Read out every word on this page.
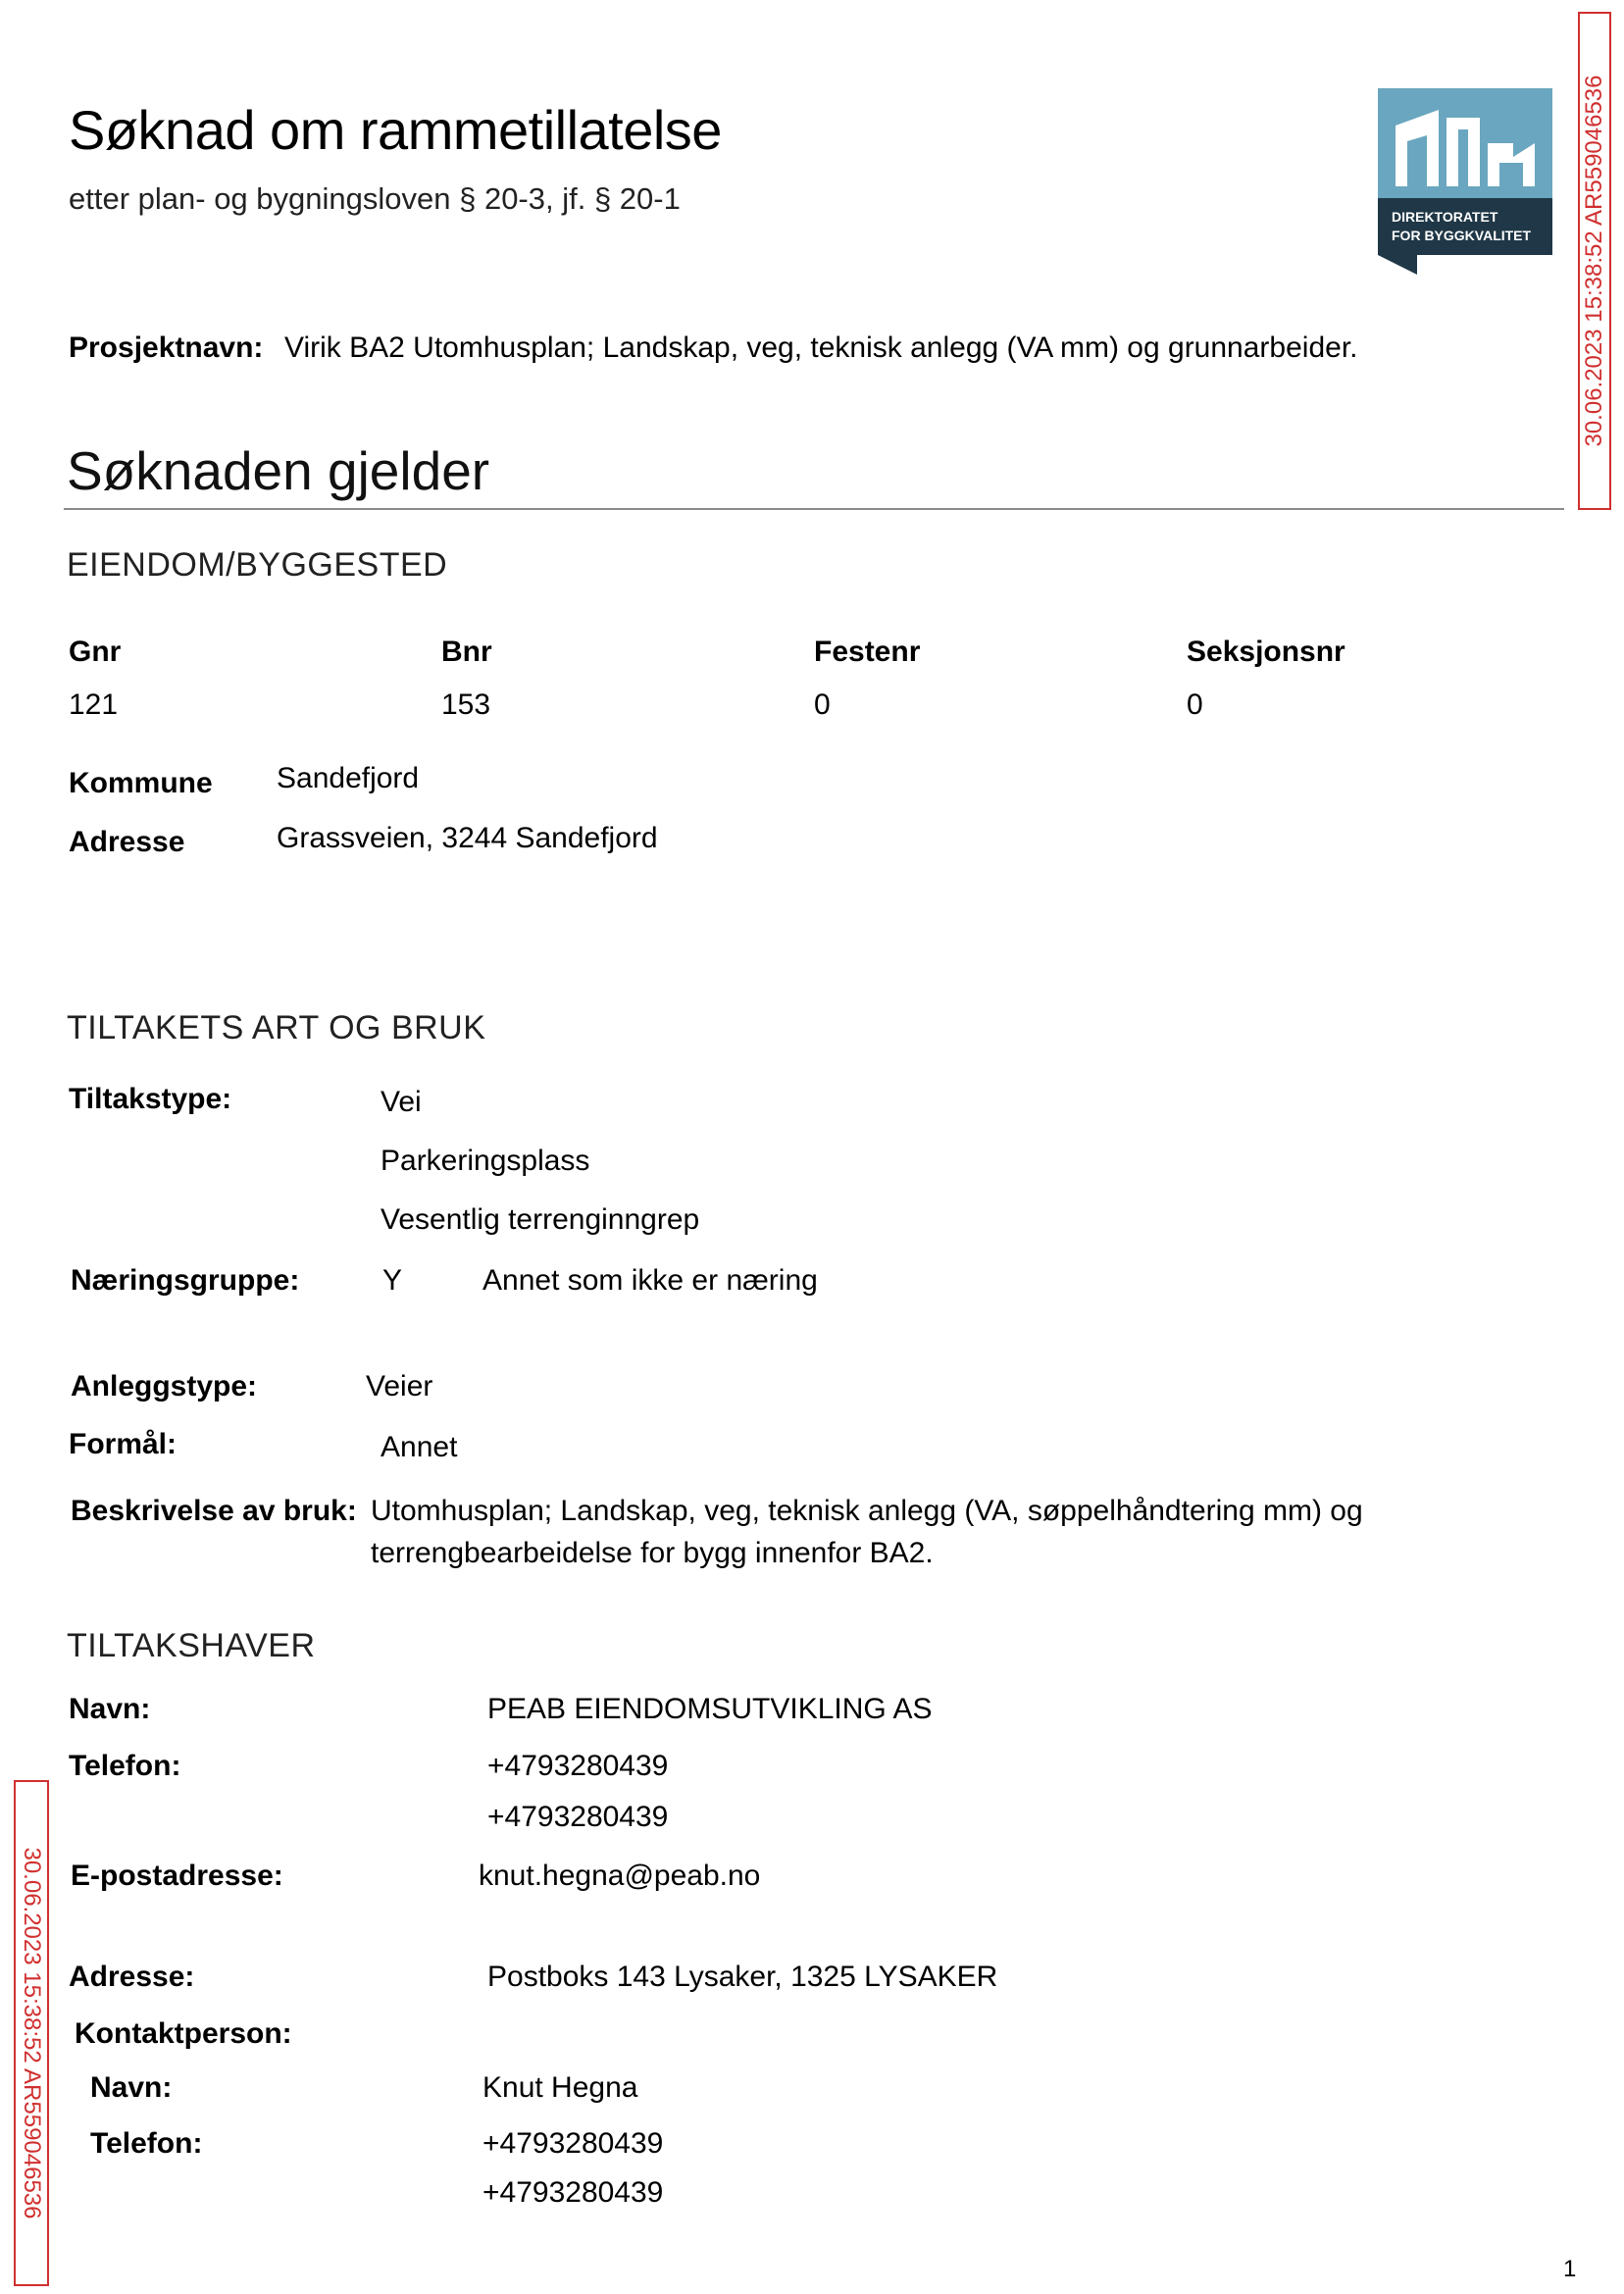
Søknad om rammetillatelse
etter plan- og bygningsloven § 20-3, jf. § 20-1
DIREKTORATET
FOR BYGGKVALITET 30.06.2023 15:38:52 AR559046536
Prosjektnavn: Virik BA2 Utomhusplan; Landskap, veg, teknisk anlegg (VA mm) og grunnarbeider.
Søknaden gjelder
EIENDOM/BYGGESTED
Gnr	Bnr	Festenr	Seksjonsnr
121	153	0	0
Kommune Sandefjord
Adresse	Grassveien, 3244 Sandefjord
TILTAKETS ART OG BRUK
Tiltakstype:	Vei
Parkeringsplass
Vesentlig terrenginngrep
Næringsgruppe:	Y	Annet som ikke er næring
Anleggstype:	Veier
Formål:	Annet
Beskrivelse av bruk: Utomhusplan; Landskap, veg, teknisk anlegg (VA, søppelhåndtering mm) og
terrengbearbeidelse for bygg innenfor BA2.
TILTAKSHAVER
Navn:	PEAB EIENDOMSUTVIKLING AS
Telefon:	+4793280439
+4793280439
E-postadresse:	knut.hegna@peab.no
Adresse:	Postboks 143 Lysaker, 1325 LYSAKER
Kontaktperson:
Navn:	Knut Hegna
Telefon:	+4793280439
+4793280439
30.06.2023 15:38:52 AR559046536
1
